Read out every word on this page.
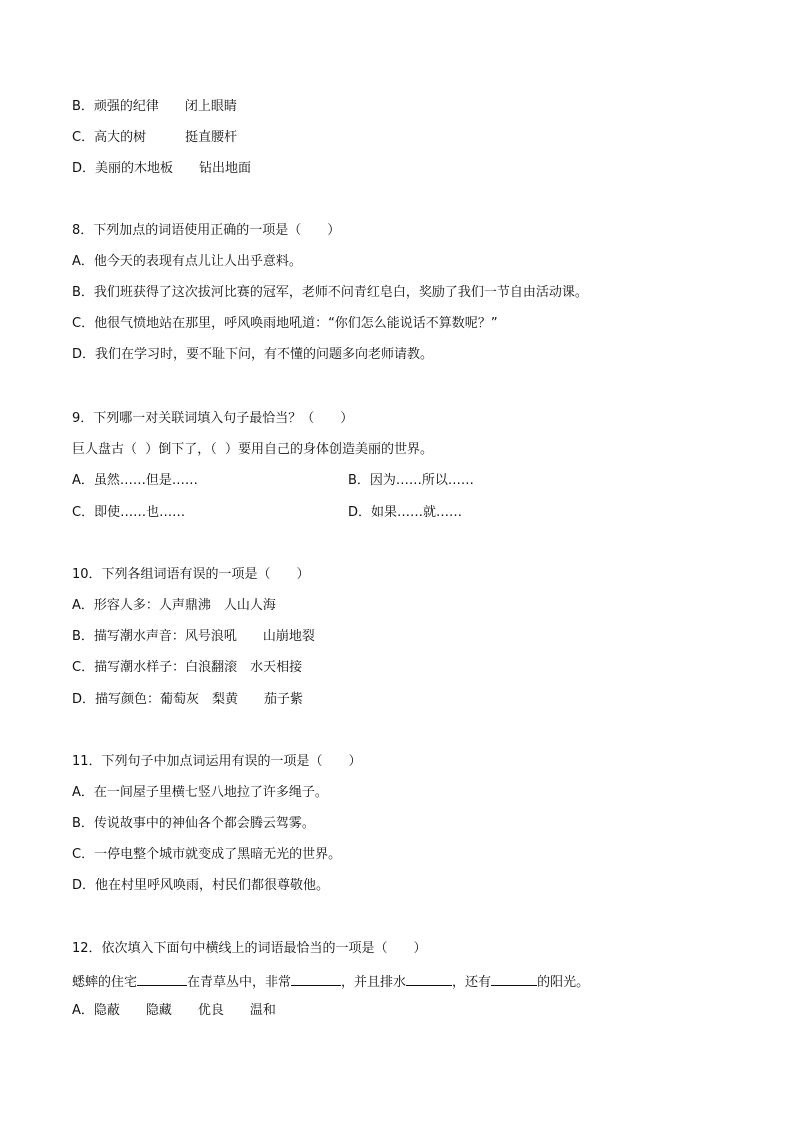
B．顽强的纪律　　闭上眼睛
C．高大的树　　　挺直腰杆
D．美丽的木地板　　钻出地面
8．下列加点的词语使用正确的一项是（　　）
A．他今天的表现有点儿让人出乎意料。
B．我们班获得了这次拔河比赛的冠军，老师不问青红皂白，奖励了我们一节自由活动课。
C．他很气愤地站在那里，呼风唤雨地吼道：“你们怎么能说话不算数呢？”
D．我们在学习时，要不耻下问，有不懂的问题多向老师请教。
9．下列哪一对关联词填入句子最恰当？（　　）
巨人盘古（  ）倒下了，（  ）要用自己的身体创造美丽的世界。
A．虽然……但是……	B．因为……所以……
C．即使……也……	D．如果……就……
10．下列各组词语有误的一项是（　　）
A．形容人多：人声鼎沸　人山人海
B．描写潮水声音：风号浪吼　　山崩地裂
C．描写潮水样子：白浪翻滚　水天相接
D．描写颜色：葡萄灰　梨黄　　茄子紫
11．下列句子中加点词运用有误的一项是（　　）
A．在一间屋子里横七竖八地拉了许多绳子。
B．传说故事中的神仙各个都会腾云驾雾。
C．一停电整个城市就变成了黑暗无光的世界。
D．他在村里呼风唤雨，村民们都很尊敬他。
12．依次填入下面句中横线上的词语最恰当的一项是（　　）
蟋蟀的住宅	在青草丛中，非常	，并且排水	，还有	的阳光。
A．隐蔽　　隐藏　　优良　　温和
